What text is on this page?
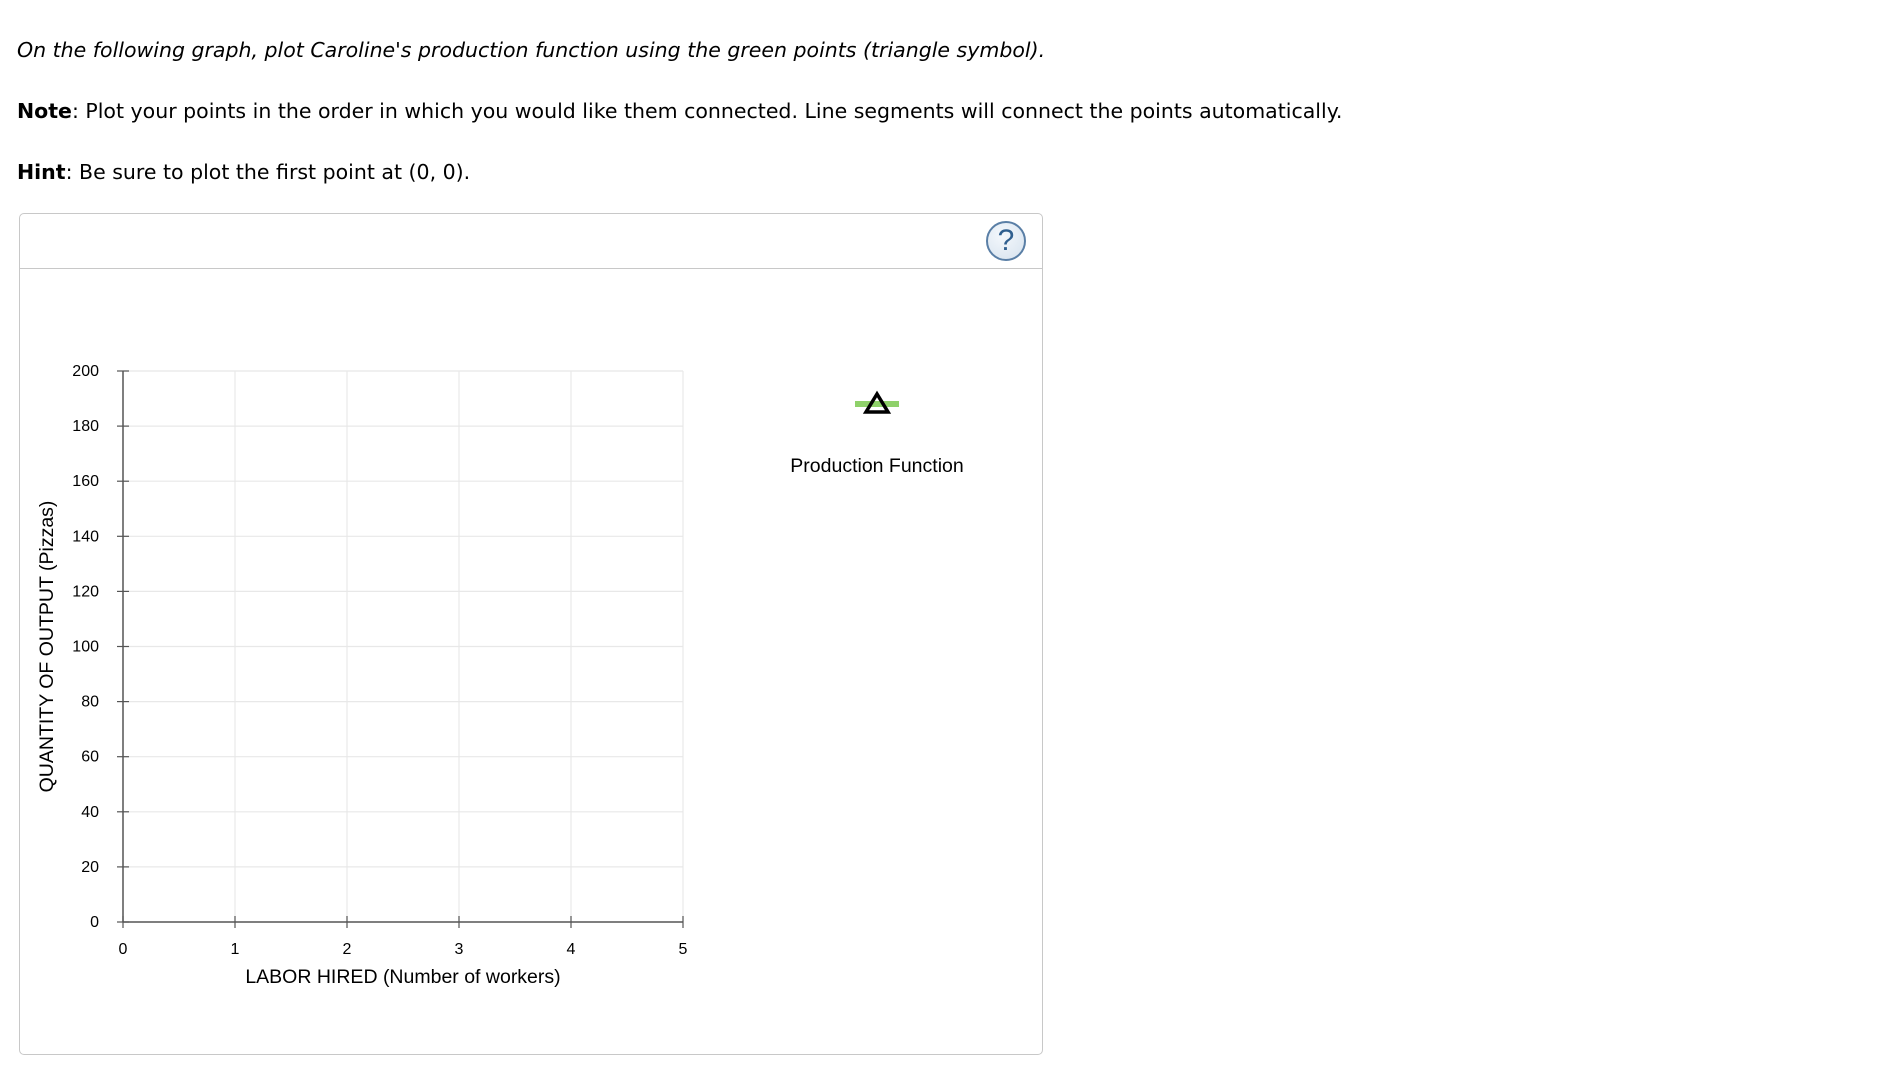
On the following graph, plot Caroline's production function using the green points (triangle symbol).

Note: Plot your points in the order in which you would like them connected. Line segments will connect the points automatically.

Hint: Be sure to plot the first point at (0, 0).

?
0
20
40
60
80
100
120
140
160
180
200
0	1	2	3	4	5
LABOR HIRED (Number of workers)
QUANTITY OF OUTPUT (Pizzas)
Production Function
